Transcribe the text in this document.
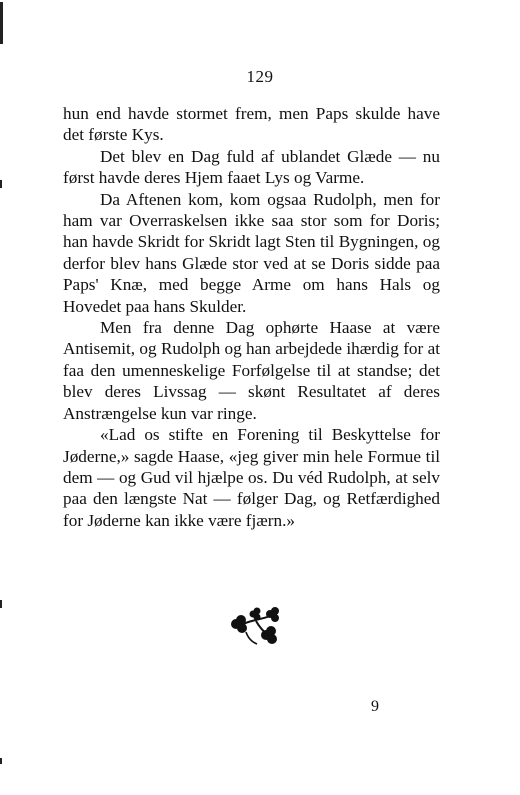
129

hun end havde stormet frem, men Paps skulde have det første Kys.

Det blev en Dag fuld af ublandet Glæde — nu først havde deres Hjem faaet Lys og Varme.

Da Aftenen kom, kom ogsaa Rudolph, men for ham var Overraskelsen ikke saa stor som for Doris; han havde Skridt for Skridt lagt Sten til Bygningen, og derfor blev hans Glæde stor ved at se Doris sidde paa Paps' Knæ, med begge Arme om hans Hals og Hovedet paa hans Skulder.

Men fra denne Dag ophørte Haase at være Antisemit, og Rudolph og han arbejdede ihærdig for at faa den umenneskelige Forfølgelse til at standse; det blev deres Livssag — skønt Resultatet af deres Anstrængelse kun var ringe.

«Lad os stifte en Forening til Beskyttelse for Jøderne,» sagde Haase, «jeg giver min hele Formue til dem — og Gud vil hjælpe os. Du véd Rudolph, at selv paa den længste Nat — følger Dag, og Retfærdighed for Jøderne kan ikke være fjærn.»

9
